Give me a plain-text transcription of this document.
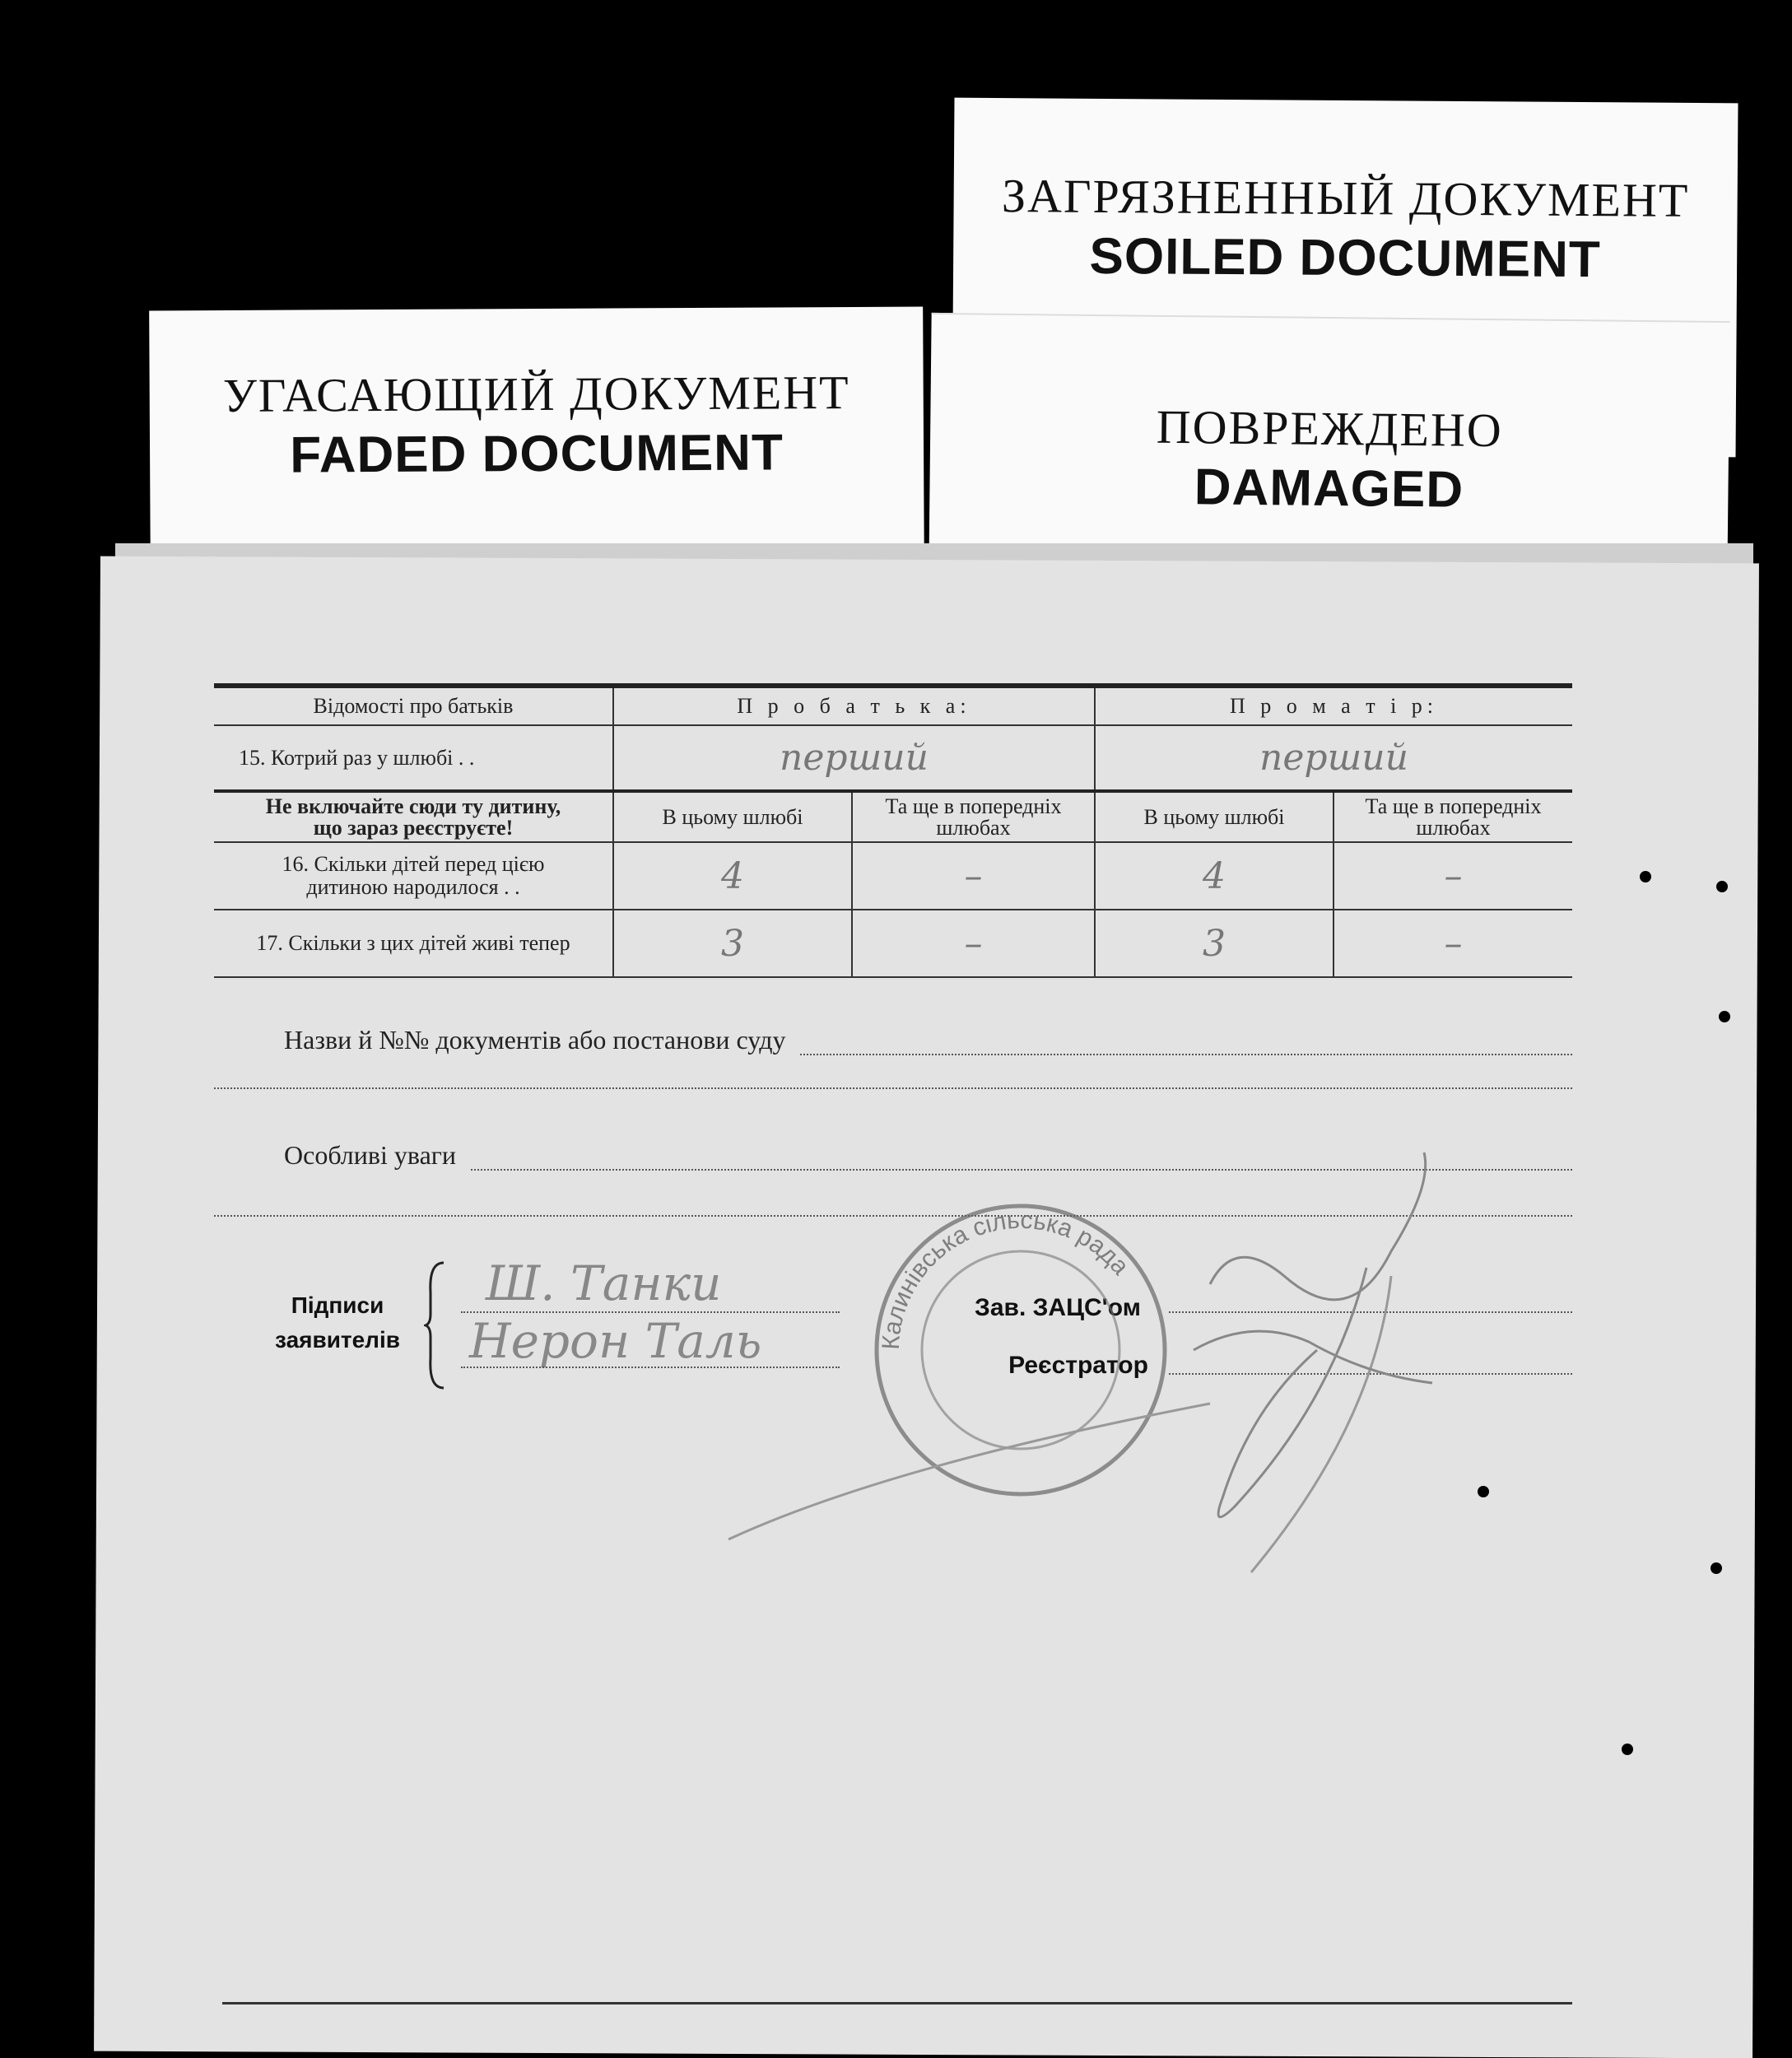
ЗАГРЯЗНЕННЫЙ ДОКУМЕНТ
SOILED DOCUMENT
УГАСАЮЩИЙ ДОКУМЕНТ
FADED DOCUMENT	ПОВРЕЖДЕНО
DAMAGED
Відомості про батьків	П р о б а т ь к а:		П р о м а т і р:	
15. Котрий раз у шлюбі . .	перший		перший	

Не включайте сюди ту дитину,
що зараз реєструєте!	В цьому шлюбі	Та ще в попередніх шлюбах	В цьому шлюбі	Та ще в попередніх шлюбах

16. Скільки дітей перед цією
дитиною народилося . .	4	–	4	–
17. Скільки з цих дітей живі тепер	3	–	3	–
Назви й №№ документів або постанови суду
Особливі уваги
Підписи
заявителів
Ш. Танки
Нерон Таль
Зав. ЗАЦС'ом
Реєстратор
Калинівська сільська рада
